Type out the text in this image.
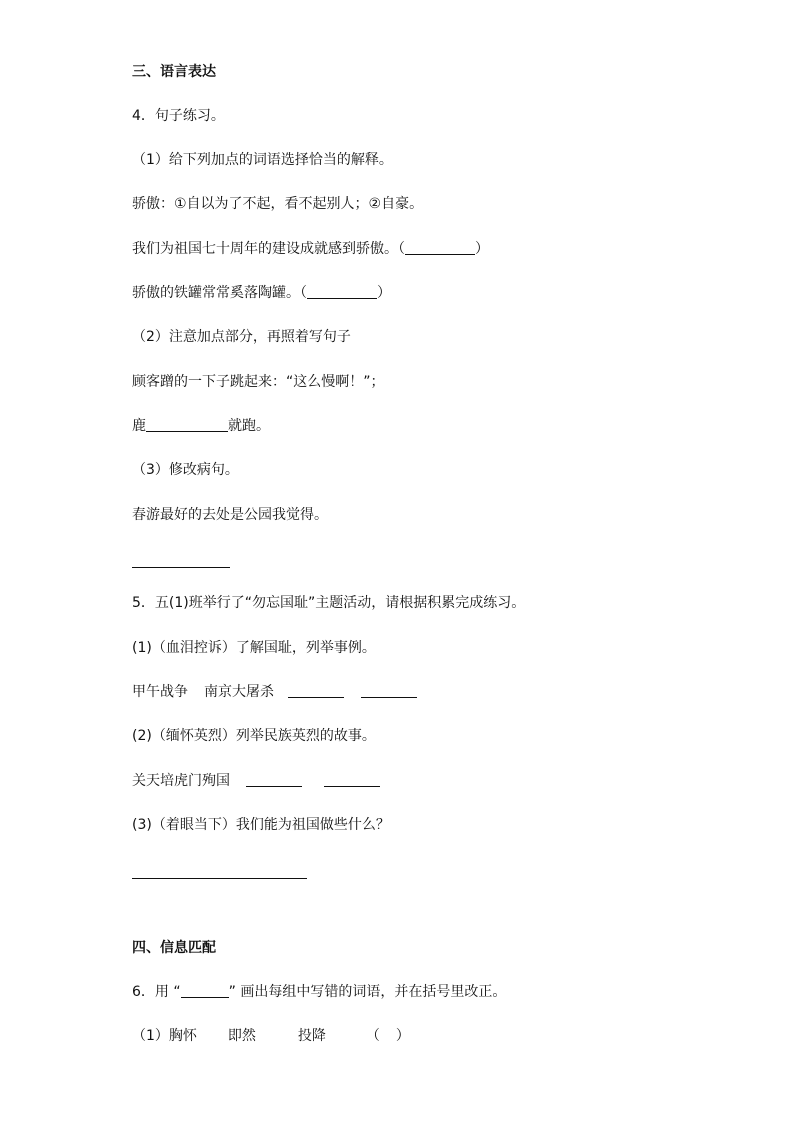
三、语言表达
4．句子练习。
（1）给下列加点的词语选择恰当的解释。
骄傲：①自以为了不起，看不起别人；②自豪。
我们为祖国七十周年的建设成就感到骄傲。（	）
骄傲的铁罐常常奚落陶罐。（	）
（2）注意加点部分，再照着写句子
顾客蹭的一下子跳起来：“这么慢啊！”；
鹿	就跑。
（3）修改病句。
春游最好的去处是公园我觉得。
5．五(1)班举行了“勿忘国耻”主题活动，请根据积累完成练习。
(1)（血泪控诉）了解国耻，列举事例。
甲午战争 南京大屠杀
(2)（缅怀英烈）列举民族英烈的故事。
关天培虎门殉国
(3)（着眼当下）我们能为祖国做些什么？
四、信息匹配
6．用 “	” 画出每组中写错的词语，并在括号里改正。
（1）胸怀 即然	投降	（ ）
